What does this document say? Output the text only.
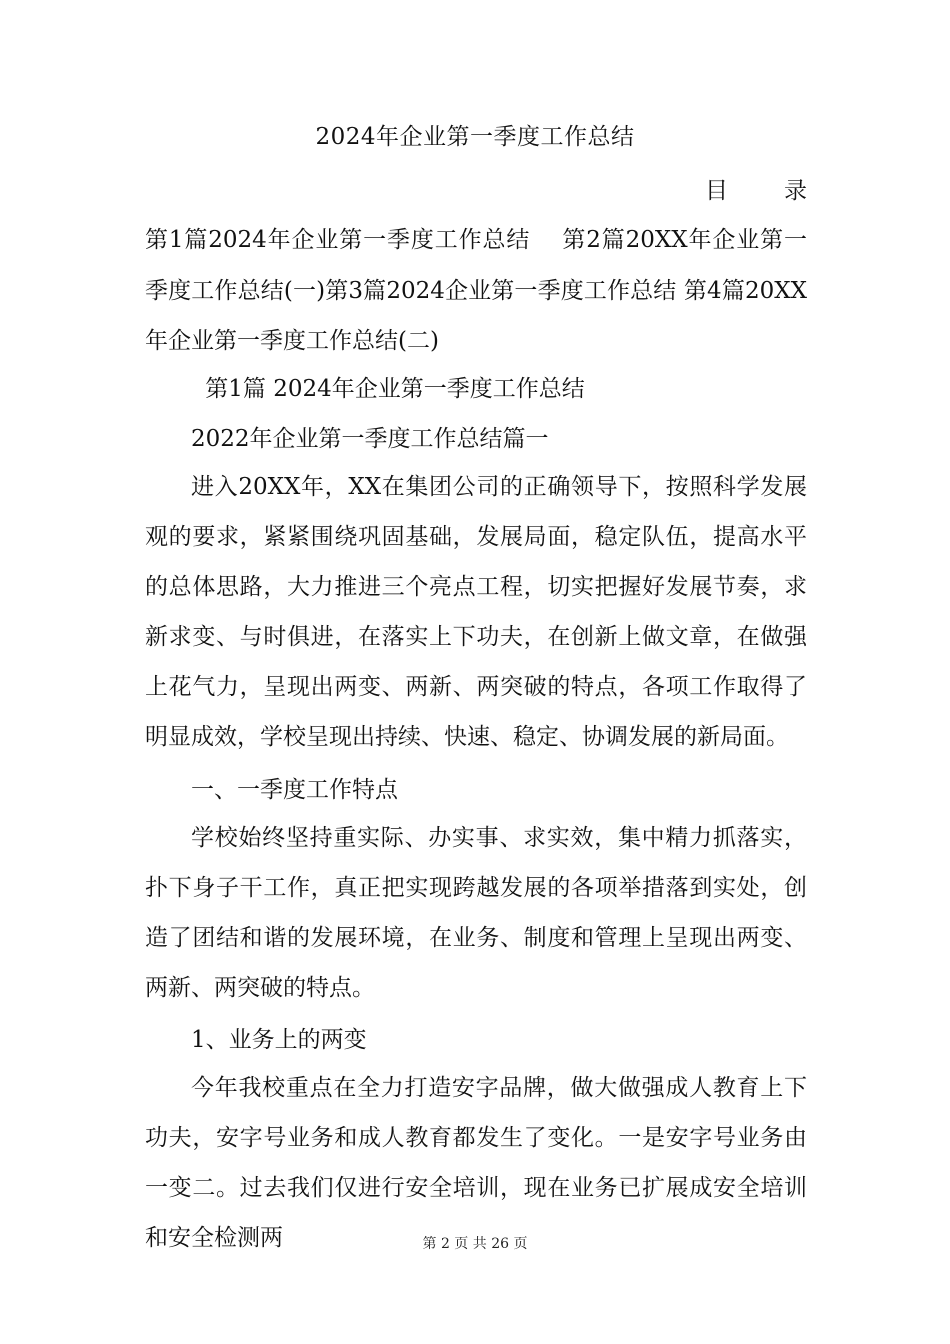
2024年企业第一季度工作总结
目 录

第1篇2024年企业第一季度工作总结　 第2篇20XX年企业第一季度工作总结(一)第3篇2024企业第一季度工作总结 第4篇20XX年企业第一季度工作总结(二)

第1篇 2024年企业第一季度工作总结

2022年企业第一季度工作总结篇一

进入20XX年，XX在集团公司的正确领导下，按照科学发展观的要求，紧紧围绕巩固基础，发展局面，稳定队伍，提高水平的总体思路，大力推进三个亮点工程，切实把握好发展节奏，求新求变、与时俱进，在落实上下功夫，在创新上做文章，在做强上花气力，呈现出两变、两新、两突破的特点，各项工作取得了明显成效，学校呈现出持续、快速、稳定、协调发展的新局面。

一、一季度工作特点

学校始终坚持重实际、办实事、求实效，集中精力抓落实，扑下身子干工作，真正把实现跨越发展的各项举措落到实处，创造了团结和谐的发展环境，在业务、制度和管理上呈现出两变、两新、两突破的特点。

1、业务上的两变

今年我校重点在全力打造安字品牌，做大做强成人教育上下功夫，安字号业务和成人教育都发生了变化。一是安字号业务由一变二。过去我们仅进行安全培训，现在业务已扩展成安全培训和安全检测两	第 2 页 共 26 页
